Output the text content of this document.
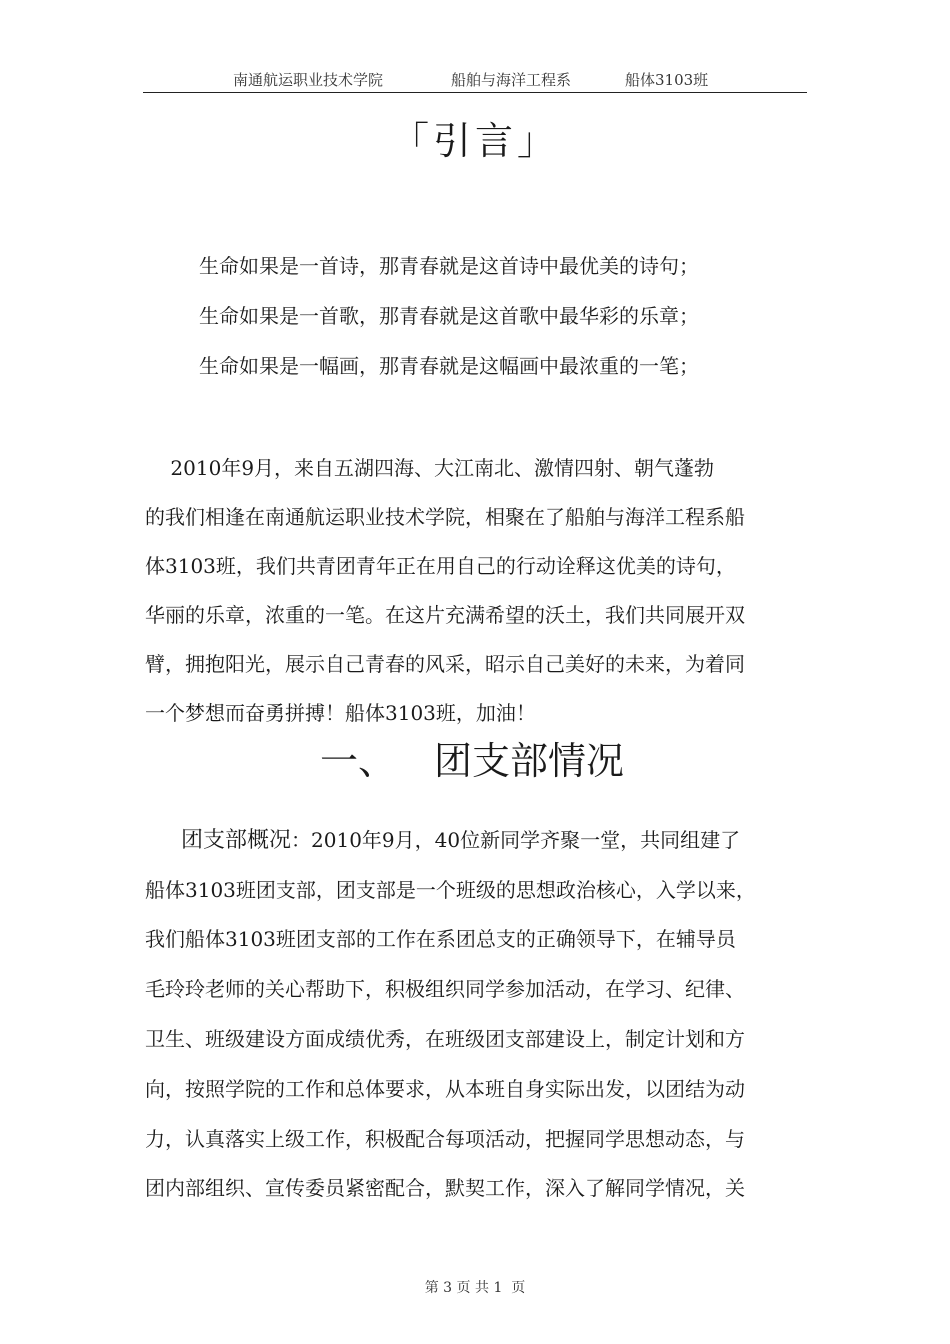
南通航运职业技术学院	船舶与海洋工程系	船体3103班
「引言」
生命如果是一首诗，那青春就是这首诗中最优美的诗句；
生命如果是一首歌，那青春就是这首歌中最华彩的乐章；
生命如果是一幅画，那青春就是这幅画中最浓重的一笔；
2010年9月，来自五湖四海、大江南北、激情四射、朝气蓬勃
的我们相逢在南通航运职业技术学院，相聚在了船舶与海洋工程系船
体3103班，我们共青团青年正在用自己的行动诠释这优美的诗句，
华丽的乐章，浓重的一笔。在这片充满希望的沃土，我们共同展开双
臂，拥抱阳光，展示自己青春的风采，昭示自己美好的未来，为着同
一个梦想而奋勇拼搏！船体3103班，加油！
一、 团支部情况
团支部概况：2010年9月，40位新同学齐聚一堂，共同组建了
船体3103班团支部，团支部是一个班级的思想政治核心，入学以来，
我们船体3103班团支部的工作在系团总支的正确领导下，在辅导员
毛玲玲老师的关心帮助下，积极组织同学参加活动，在学习、纪律、
卫生、班级建设方面成绩优秀，在班级团支部建设上，制定计划和方
向，按照学院的工作和总体要求，从本班自身实际出发，以团结为动
力，认真落实上级工作，积极配合每项活动，把握同学思想动态，与
团内部组织、宣传委员紧密配合，默契工作，深入了解同学情况，关
第 3 页 共 1  页
